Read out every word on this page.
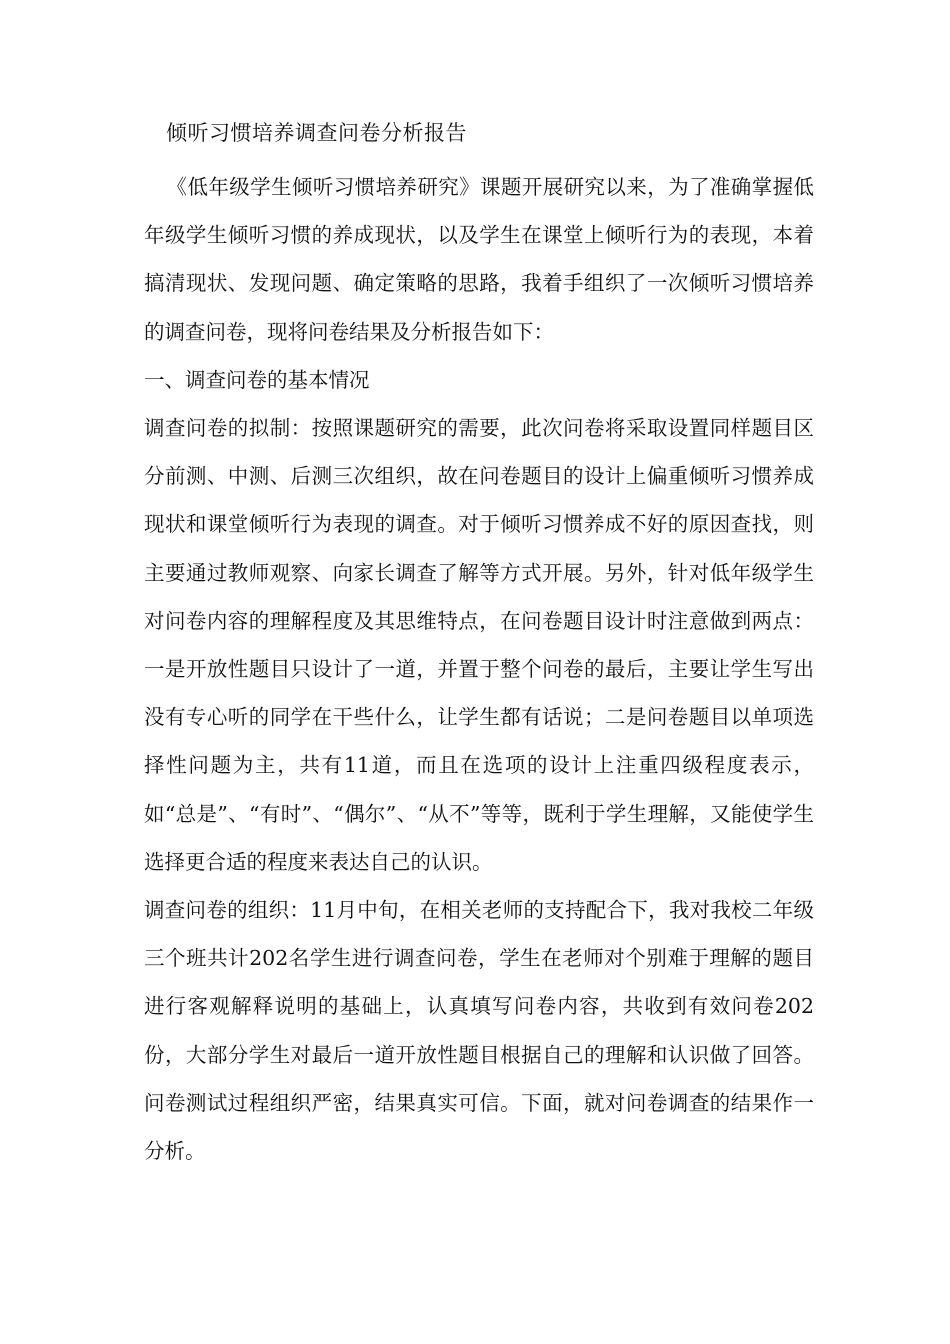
倾听习惯培养调查问卷分析报告

《低年级学生倾听习惯培养研究》课题开展研究以来，为了准确掌握低年级学生倾听习惯的养成现状，以及学生在课堂上倾听行为的表现，本着搞清现状、发现问题、确定策略的思路，我着手组织了一次倾听习惯培养的调查问卷，现将问卷结果及分析报告如下：

一、调查问卷的基本情况

调查问卷的拟制：按照课题研究的需要，此次问卷将采取设置同样题目区分前测、中测、后测三次组织，故在问卷题目的设计上偏重倾听习惯养成现状和课堂倾听行为表现的调查。对于倾听习惯养成不好的原因查找，则主要通过教师观察、向家长调查了解等方式开展。另外，针对低年级学生对问卷内容的理解程度及其思维特点，在问卷题目设计时注意做到两点：一是开放性题目只设计了一道，并置于整个问卷的最后，主要让学生写出没有专心听的同学在干些什么，让学生都有话说；二是问卷题目以单项选择性问题为主，共有11道，而且在选项的设计上注重四级程度表示，如“总是”、“有时”、“偶尔”、“从不”等等，既利于学生理解，又能使学生选择更合适的程度来表达自己的认识。

调查问卷的组织：11月中旬，在相关老师的支持配合下，我对我校二年级三个班共计202名学生进行调查问卷，学生在老师对个别难于理解的题目进行客观解释说明的基础上，认真填写问卷内容，共收到有效问卷202份，大部分学生对最后一道开放性题目根据自己的理解和认识做了回答。问卷测试过程组织严密，结果真实可信。下面，就对问卷调查的结果作一分析。
